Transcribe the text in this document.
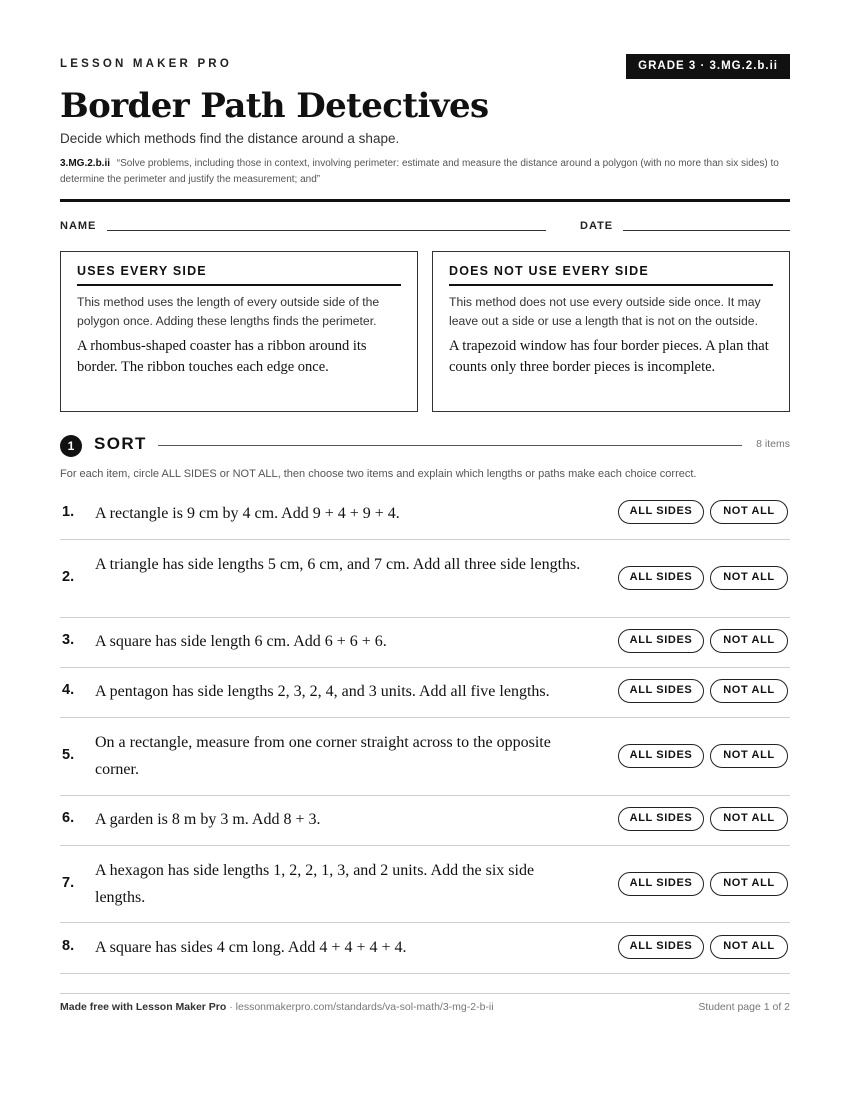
LESSON MAKER PRO	GRADE 3 · 3.MG.2.b.ii
Border Path Detectives
Decide which methods find the distance around a shape.
3.MG.2.b.ii “Solve problems, including those in context, involving perimeter: estimate and measure the distance around a polygon (with no more than six sides) to determine the perimeter and justify the measurement; and”
NAME	DATE
USES EVERY SIDE
This method uses the length of every outside side of the polygon once. Adding these lengths finds the perimeter.
A rhombus-shaped coaster has a ribbon around its border. The ribbon touches each edge once.
DOES NOT USE EVERY SIDE
This method does not use every outside side once. It may leave out a side or use a length that is not on the outside.
A trapezoid window has four border pieces. A plan that counts only three border pieces is incomplete.
1	SORT	8 items
For each item, circle ALL SIDES or NOT ALL, then choose two items and explain which lengths or paths make each choice correct.
1. A rectangle is 9 cm by 4 cm. Add 9 + 4 + 9 + 4.	ALL SIDES	NOT ALL
2.
A triangle has side lengths 5 cm, 6 cm, and 7 cm. Add all three side lengths.
ALL SIDES	NOT ALL
3. A square has side length 6 cm. Add 6 + 6 + 6.	ALL SIDES	NOT ALL
4. A pentagon has side lengths 2, 3, 2, 4, and 3 units. Add all five lengths.	ALL SIDES	NOT ALL
5.
On a rectangle, measure from one corner straight across to the opposite corner.
ALL SIDES	NOT ALL
6. A garden is 8 m by 3 m. Add 8 + 3.	ALL SIDES	NOT ALL
7.
A hexagon has side lengths 1, 2, 2, 1, 3, and 2 units. Add the six side lengths.
ALL SIDES	NOT ALL
8. A square has sides 4 cm long. Add 4 + 4 + 4 + 4.	ALL SIDES	NOT ALL
Made free with Lesson Maker Pro · lessonmakerpro.com/standards/va-sol-math/3-mg-2-b-ii	Student page 1 of 2
